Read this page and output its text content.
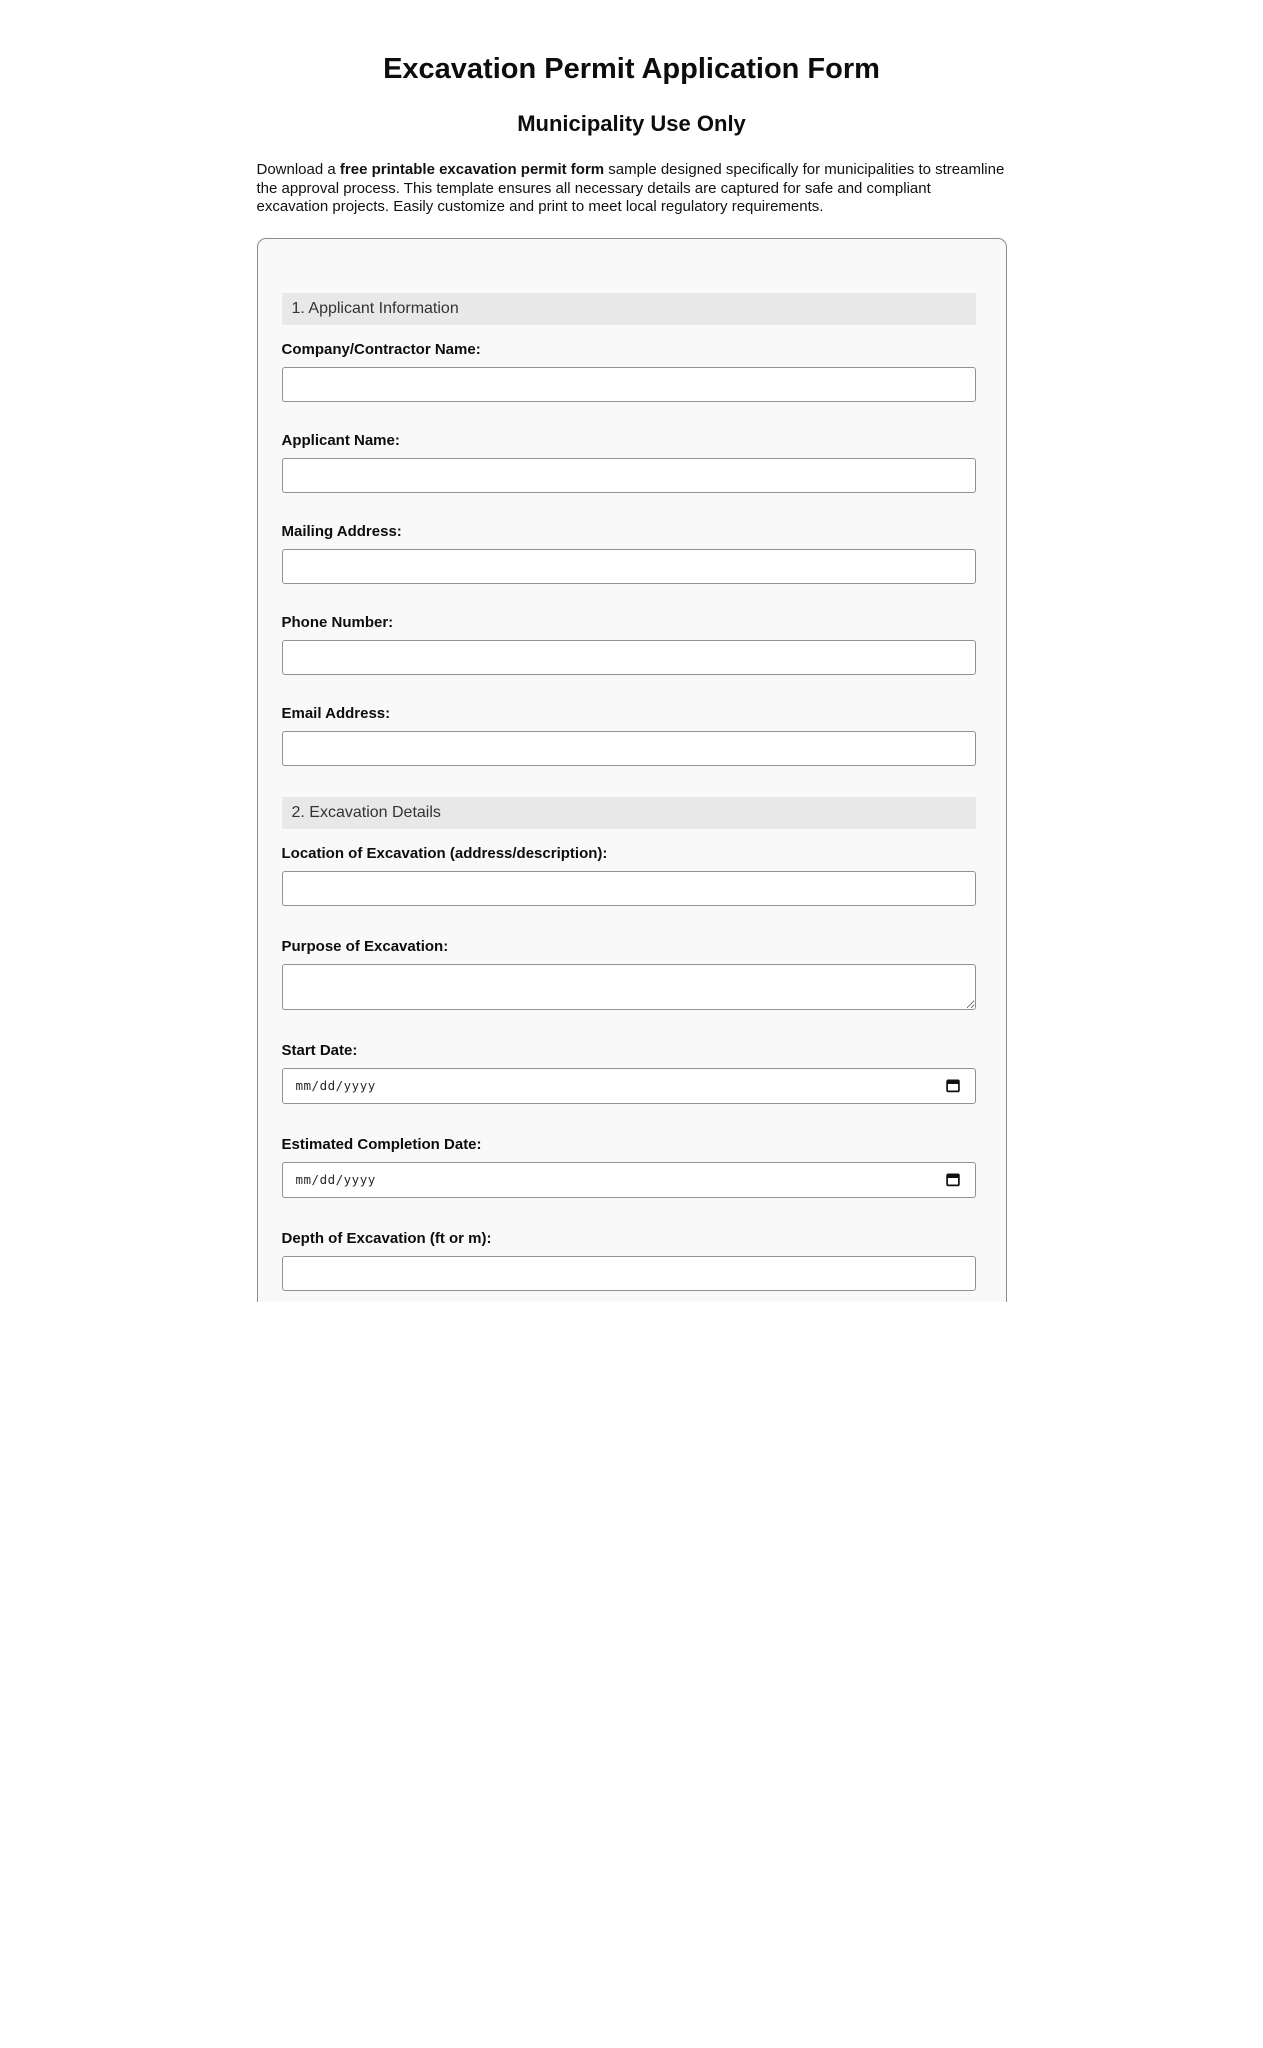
Excavation Permit Application Form
Municipality Use Only

Download a free printable excavation permit form sample designed specifically for municipalities to streamline the approval process. This template ensures all necessary details are captured for safe and compliant excavation projects. Easily customize and print to meet local regulatory requirements.

1. Applicant Information
Company/Contractor Name:
Applicant Name:
Mailing Address:
Phone Number:
Email Address:
2. Excavation Details
Location of Excavation (address/description):
Purpose of Excavation:
Start Date:
mm/dd/yyyy
Estimated Completion Date:
mm/dd/yyyy
Depth of Excavation (ft or m):
